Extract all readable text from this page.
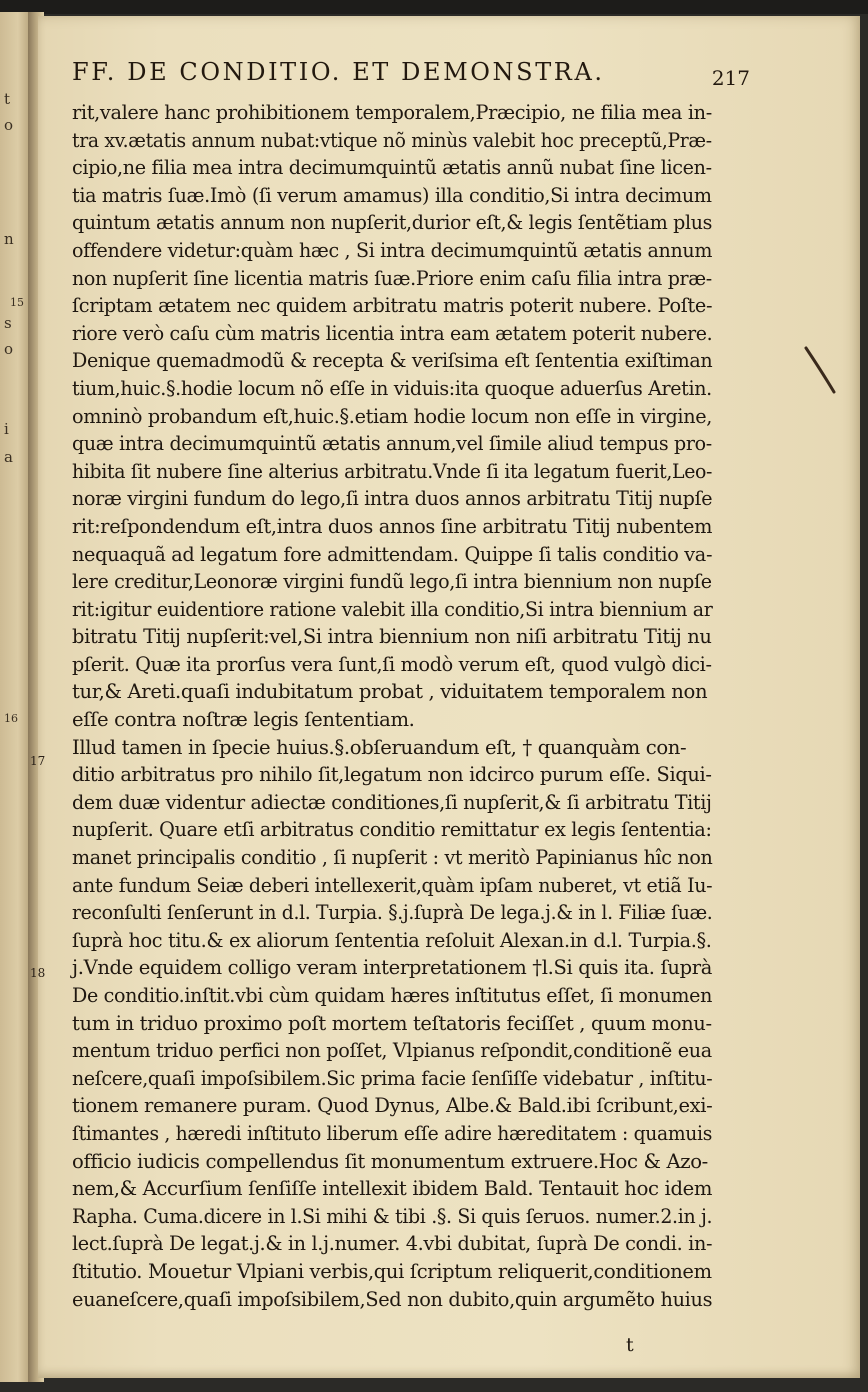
t
o
n
15
s
o
i
a
16
FF. DE CONDITIO. ET DEMONSTRA.	217
17
18
rit,valere hanc prohibitionem temporalem,Præcipio, ne filia mea in-
tra xv.ætatis annum nubat:vtique nõ minùs valebit hoc preceptũ,Præ-
cipio,ne filia mea intra decimumquintũ ætatis annũ nubat ſine licen-
tia matris ſuæ.Imò (ſi verum amamus) illa conditio,Si intra decimum
quintum ætatis annum non nupſerit,durior eſt,& legis ſentẽtiam plus
offendere videtur:quàm hæc , Si intra decimumquintũ ætatis annum
non nupſerit ſine licentia matris ſuæ.Priore enim caſu filia intra præ-
ſcriptam ætatem nec quidem arbitratu matris poterit nubere. Poſte-
riore verò caſu cùm matris licentia intra eam ætatem poterit nubere.
Denique quemadmodũ & recepta & veriſsima eſt ſententia exiſtiman
tium,huic.§.hodie locum nõ eſſe in viduis:ita quoque aduerſus Aretin.
omninò probandum eſt,huic.§.etiam hodie locum non eſſe in virgine,
quæ intra decimumquintũ ætatis annum,vel ſimile aliud tempus pro-
hibita ſit nubere ſine alterius arbitratu.Vnde ſi ita legatum fuerit,Leo-
noræ virgini fundum do lego,ſi intra duos annos arbitratu Titij nupſe
rit:reſpondendum eſt,intra duos annos ſine arbitratu Titij nubentem
nequaquã ad legatum fore admittendam. Quippe ſi talis conditio va-
lere creditur,Leonoræ virgini fundũ lego,ſi intra biennium non nupſe
rit:igitur euidentiore ratione valebit illa conditio,Si intra biennium ar
bitratu Titij nupſerit:vel,Si intra biennium non niſi arbitratu Titij nu
pſerit. Quæ ita prorſus vera ſunt,ſi modò verum eſt, quod vulgò dici-
tur,& Areti.quaſi indubitatum probat , viduitatem temporalem non
eſſe contra noſtræ legis ſententiam.
Illud tamen in ſpecie huius.§.obſeruandum eſt, † quanquàm con-
ditio arbitratus pro nihilo ſit,legatum non idcirco purum eſſe. Siqui-
dem duæ videntur adiectæ conditiones,ſi nupſerit,& ſi arbitratu Titij
nupſerit. Quare etſi arbitratus conditio remittatur ex legis ſententia:
manet principalis conditio , ſi nupſerit : vt meritò Papinianus hîc non
ante fundum Seiæ deberi intellexerit,quàm ipſam nuberet, vt etiã Iu-
reconſulti ſenſerunt in d.l. Turpia. §.j.ſuprà De lega.j.& in l. Filiæ ſuæ.
ſuprà hoc titu.& ex aliorum ſententia reſoluit Alexan.in d.l. Turpia.§.
j.Vnde equidem colligo veram interpretationem †l.Si quis ita. ſuprà
De conditio.inſtit.vbi cùm quidam hæres inſtitutus eſſet, ſi monumen
tum in triduo proximo poſt mortem teſtatoris feciſſet , quum monu-
mentum triduo perfici non poſſet, Vlpianus reſpondit,conditionẽ eua
neſcere,quaſi impoſsibilem.Sic prima facie ſenſiſſe videbatur , inſtitu-
tionem remanere puram. Quod Dynus, Albe.& Bald.ibi ſcribunt,exi-
ſtimantes , hæredi inſtituto liberum eſſe adire hæreditatem : quamuis
officio iudicis compellendus ſit monumentum extruere.Hoc & Azo-
nem,& Accurſium ſenſiſſe intellexit ibidem Bald. Tentauit hoc idem
Rapha. Cuma.dicere in l.Si mihi & tibi .§. Si quis ſeruos. numer.2.in j.
lect.ſuprà De legat.j.& in l.j.numer. 4.vbi dubitat, ſuprà De condi. in-
ſtitutio. Mouetur Vlpiani verbis,qui ſcriptum reliquerit,conditionem
euaneſcere,quaſi impoſsibilem,Sed non dubito,quin argumẽto huius
t
